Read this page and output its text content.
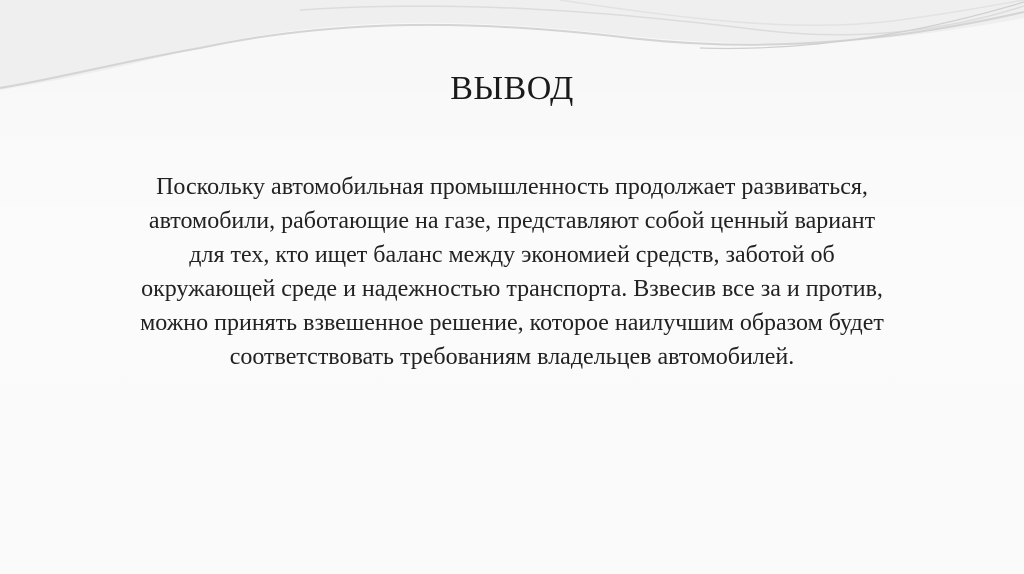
ВЫВОД
Поскольку автомобильная промышленность продолжает развиваться,
автомобили, работающие на газе, представляют собой ценный вариант
для тех, кто ищет баланс между экономией средств, заботой об
окружающей среде и надежностью транспорта. Взвесив все за и против,
можно принять взвешенное решение, которое наилучшим образом будет
соответствовать требованиям владельцев автомобилей.
